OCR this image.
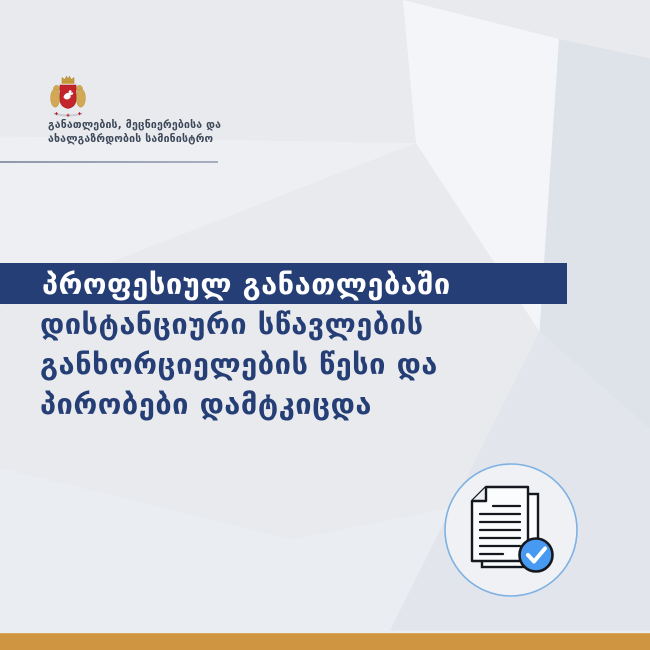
განათლების, მეცნიერებისა და
ახალგაზრდობის სამინისტრო
პროფესიულ განათლებაში
დისტანციური სწავლების
განხორციელების წესი და
პირობები დამტკიცდა
